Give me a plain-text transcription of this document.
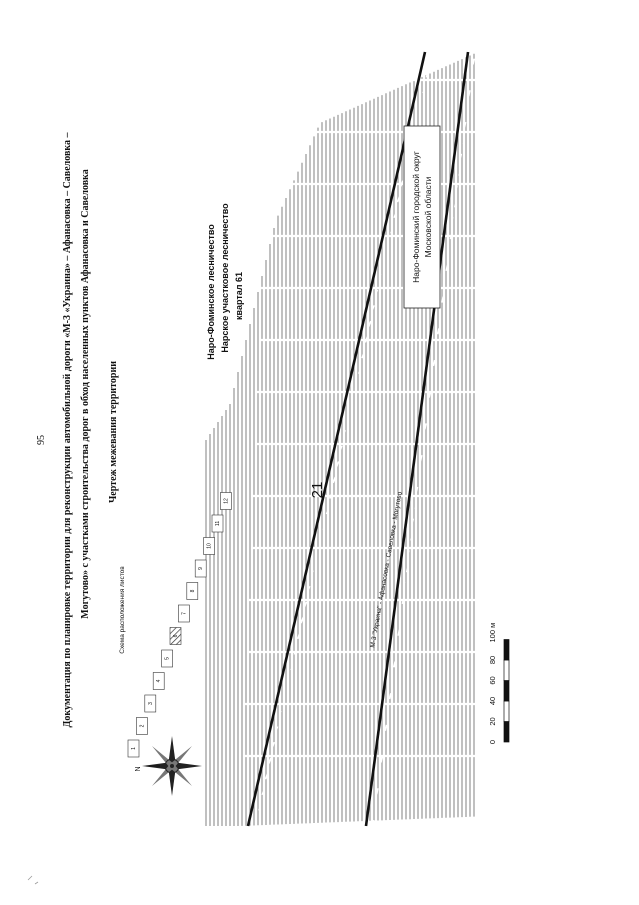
95 Документация по планировке территории для реконструкции автомобильной дороги «М-3 «Украина» – Афанасовка – Савеловка – Могутово» с участками строительства дорог в обход населенных пунктов Афанасовка и Савеловка Чертеж межевания территории
Схема расположения листов
1
2
3
4
5
6
7
8
9
10
11
12
N
Наро-Фоминское лесничество Нарское участковое лесничество квартал 61
Наро-Фоминский городской округ Московской области
21
М-3 "Украина" - Афанасовка - Савеловка - Могутово
0
20
40
60
80
100 м
